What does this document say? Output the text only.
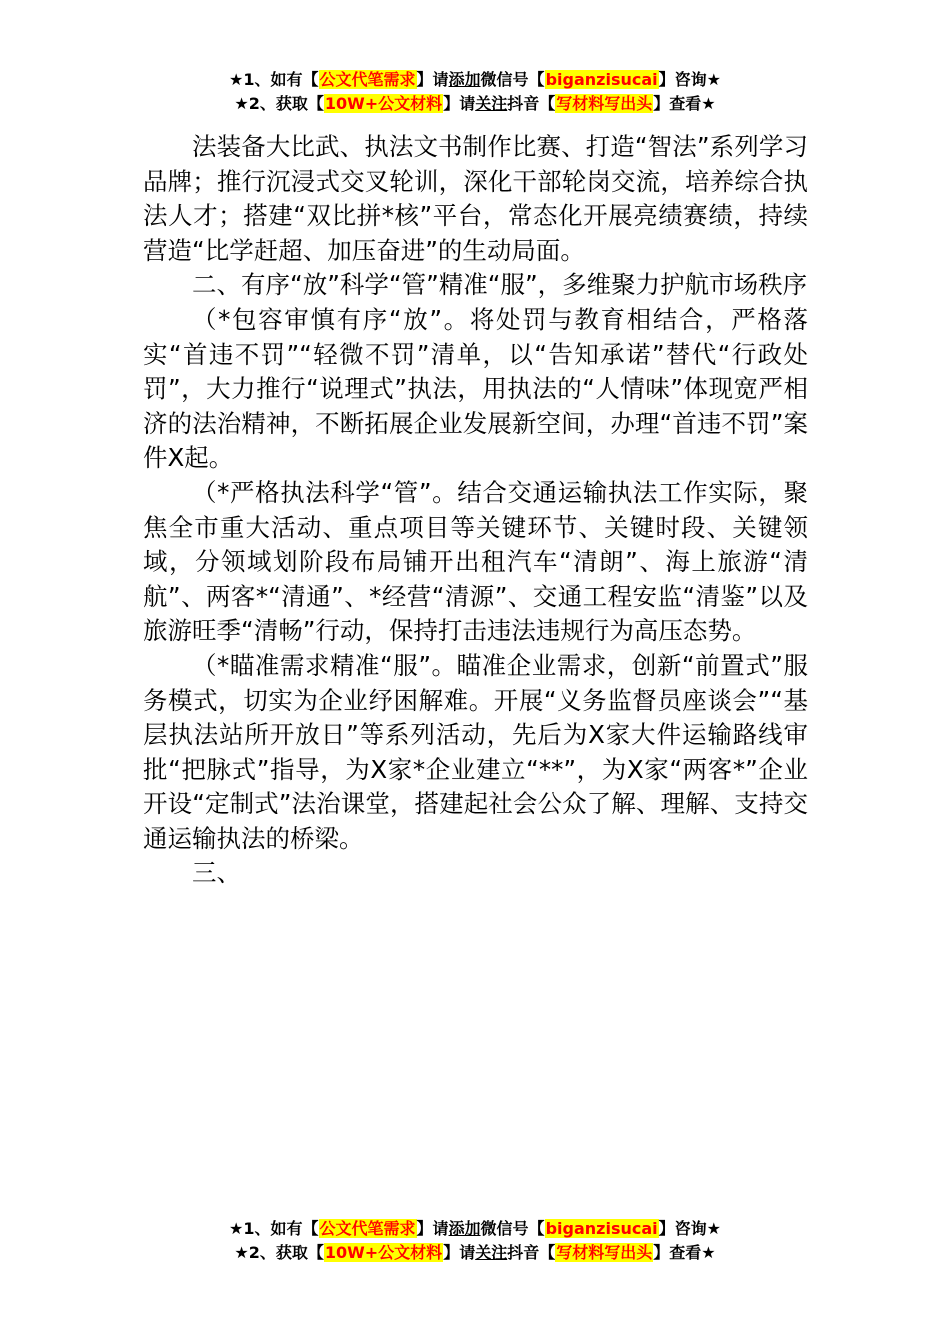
★1、如有【公文代笔需求】请添加微信号【biganzisucai】咨询★
★2、获取【10W+公文材料】请关注抖音【写材料写出头】查看★

法装备大比武、执法文书制作比赛、打造“智法”系列学习品牌；推行沉浸式交叉轮训，深化干部轮岗交流，培养综合执法人才；搭建“双比拼*核”平台，常态化开展亮绩赛绩，持续营造“比学赶超、加压奋进”的生动局面。

二、有序“放”科学“管”精准“服”，多维聚力护航市场秩序

（*包容审慎有序“放”。将处罚与教育相结合，严格落实“首违不罚”“轻微不罚”清单，以“告知承诺”替代“行政处罚”，大力推行“说理式”执法，用执法的“人情味”体现宽严相济的法治精神，不断拓展企业发展新空间，办理“首违不罚”案件X起。

（*严格执法科学“管”。结合交通运输执法工作实际，聚焦全市重大活动、重点项目等关键环节、关键时段、关键领域，分领域划阶段布局铺开出租汽车“清朗”、海上旅游“清航”、两客*“清通”、*经营“清源”、交通工程安监“清鉴”以及旅游旺季“清畅”行动，保持打击违法违规行为高压态势。

（*瞄准需求精准“服”。瞄准企业需求，创新“前置式”服务模式，切实为企业纾困解难。开展“义务监督员座谈会”“基层执法站所开放日”等系列活动，先后为X家大件运输路线审批“把脉式”指导，为X家*企业建立“**”，为X家“两客*”企业开设“定制式”法治课堂，搭建起社会公众了解、理解、支持交通运输执法的桥梁。

三、

★1、如有【公文代笔需求】请添加微信号【biganzisucai】咨询★
★2、获取【10W+公文材料】请关注抖音【写材料写出头】查看★
